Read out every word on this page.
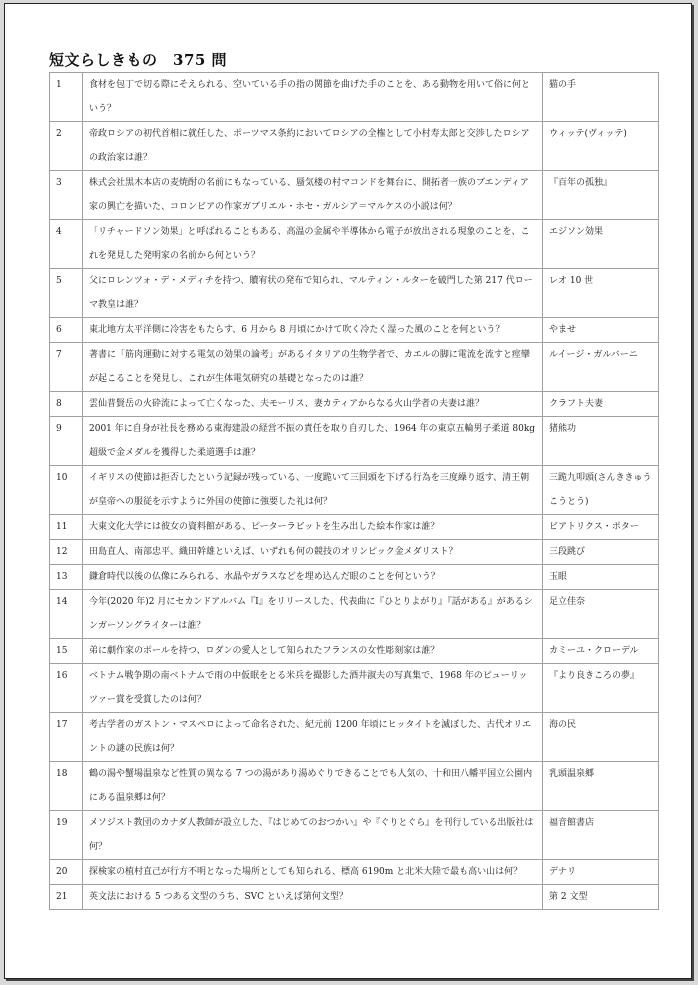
短文らしきもの　375 問
1	食材を包丁で切る際にそえられる、空いている手の指の関節を曲げた手のことを、ある動物を用いて俗に何という？	猫の手
2	帝政ロシアの初代首相に就任した、ポーツマス条約においてロシアの全権として小村寿太郎と交渉したロシアの政治家は誰？	ウィッテ(ヴィッテ)
3	株式会社黒木本店の麦焼酎の名前にもなっている、蜃気楼の村マコンドを舞台に、開拓者一族のブエンディア家の興亡を描いた、コロンビアの作家ガブリエル・ホセ・ガルシア＝マルケスの小説は何？	『百年の孤独』
4	「リチャードソン効果」と呼ばれることもある、高温の金属や半導体から電子が放出される現象のことを、これを発見した発明家の名前から何という？	エジソン効果
5	父にロレンツォ・デ・メディチを持つ、贖宥状の発布で知られ、マルティン・ルターを破門した第 217 代ローマ教皇は誰？	レオ 10 世
6	東北地方太平洋側に冷害をもたらす、6 月から 8 月頃にかけて吹く冷たく湿った風のことを何という？	やませ
7	著書に「筋肉運動に対する電気の効果の論考」があるイタリアの生物学者で、カエルの脚に電流を流すと痙攣が起こることを発見し、これが生体電気研究の基礎となったのは誰？	ルイージ・ガルバーニ
8	雲仙普賢岳の火砕流によって亡くなった、夫モーリス、妻カティアからなる火山学者の夫妻は誰？	クラフト夫妻
9	2001 年に自身が社長を務める東海建設の経営不振の責任を取り自刃した、1964 年の東京五輪男子柔道 80kg 超級で金メダルを獲得した柔道選手は誰？	猪熊功
10	イギリスの使節は拒否したという記録が残っている、一度跪いて三回頭を下げる行為を三度繰り返す、清王朝が皇帝への服従を示すように外国の使節に強要した礼は何？	三跪九叩頭(さんききゅうこうとう)
11	大東文化大学には彼女の資料館がある、ピーターラビットを生み出した絵本作家は誰？	ビアトリクス・ポター
12	田島直人、南部忠平、織田幹雄といえば、いずれも何の競技のオリンピック金メダリスト？	三段跳び
13	鎌倉時代以後の仏像にみられる、水晶やガラスなどを埋め込んだ眼のことを何という？	玉眼
14	今年(2020 年)2 月にセカンドアルバム『I』をリリースした、代表曲に『ひとりよがり』『話がある』があるシンガーソングライターは誰？	足立佳奈
15	弟に劇作家のポールを持つ、ロダンの愛人として知られたフランスの女性彫刻家は誰？	カミーユ・クローデル
16	ベトナム戦争期の南ベトナムで雨の中仮眠をとる米兵を撮影した酒井淑夫の写真集で、1968 年のピューリッツァー賞を受賞したのは何？	『より良きころの夢』
17	考古学者のガストン・マスペロによって命名された、紀元前 1200 年頃にヒッタイトを滅ぼした、古代オリエントの謎の民族は何？	海の民
18	鶴の湯や蟹場温泉など性質の異なる 7 つの湯があり湯めぐりできることでも人気の、十和田八幡平国立公園内にある温泉郷は何？	乳頭温泉郷
19	メソジスト教団のカナダ人教師が設立した、『はじめてのおつかい』や『ぐりとぐら』を刊行している出版社は何？	福音館書店
20	探検家の植村直己が行方不明となった場所としても知られる、標高 6190m と北米大陸で最も高い山は何？	デナリ
21	英文法における 5 つある文型のうち、SVC といえば第何文型？	第 2 文型
